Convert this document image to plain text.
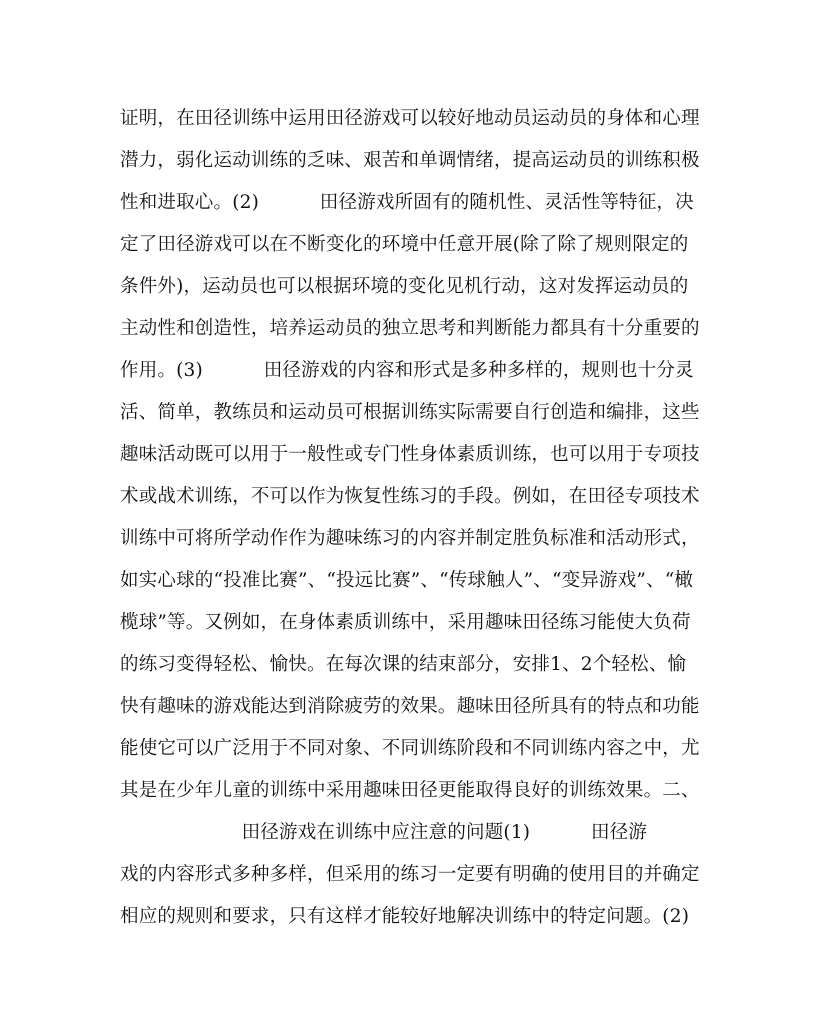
证明，在田径训练中运用田径游戏可以较好地动员运动员的身体和心理
潜力，弱化运动训练的乏味、艰苦和单调情绪，提高运动员的训练积极
性和进取心。(2)          田径游戏所固有的随机性、灵活性等特征，决
定了田径游戏可以在不断变化的环境中任意开展(除了除了规则限定的
条件外)，运动员也可以根据环境的变化见机行动，这对发挥运动员的
主动性和创造性，培养运动员的独立思考和判断能力都具有十分重要的
作用。(3)          田径游戏的内容和形式是多种多样的，规则也十分灵
活、简单，教练员和运动员可根据训练实际需要自行创造和编排，这些
趣味活动既可以用于一般性或专门性身体素质训练，也可以用于专项技
术或战术训练，不可以作为恢复性练习的手段。例如，在田径专项技术
训练中可将所学动作作为趣味练习的内容并制定胜负标准和活动形式，
如实心球的“投准比赛”、“投远比赛”、“传球触人”、“变异游戏”、“橄
榄球”等。又例如，在身体素质训练中，采用趣味田径练习能使大负荷
的练习变得轻松、愉快。在每次课的结束部分，安排1、2个轻松、愉
快有趣味的游戏能达到消除疲劳的效果。趣味田径所具有的特点和功能
能使它可以广泛用于不同对象、不同训练阶段和不同训练内容之中，尤
其是在少年儿童的训练中采用趣味田径更能取得良好的训练效果。二、
田径游戏在训练中应注意的问题(1)          田径游
戏的内容形式多种多样，但采用的练习一定要有明确的使用目的并确定
相应的规则和要求，只有这样才能较好地解决训练中的特定问题。(2)
